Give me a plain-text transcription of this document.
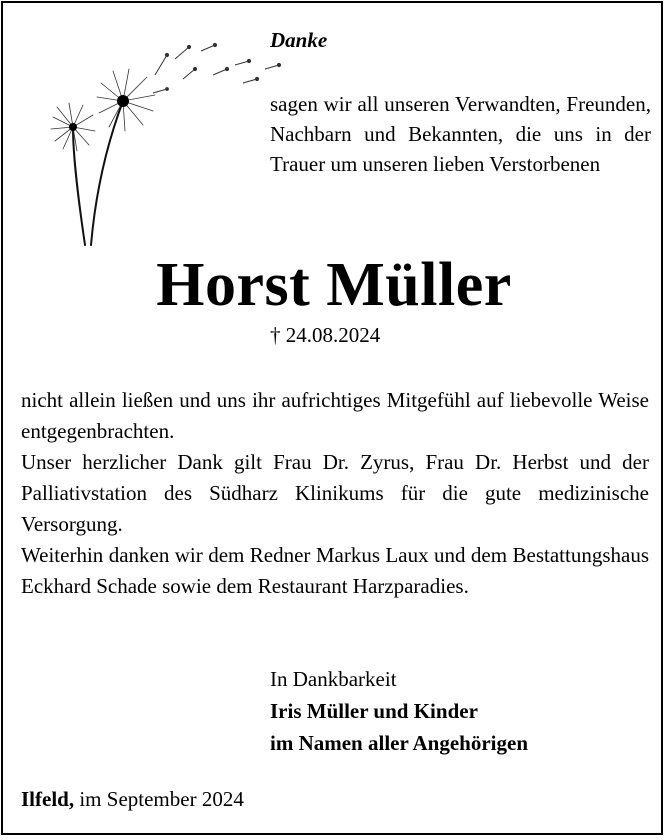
Danke
sagen wir all unseren Verwandten, Freunden, Nachbarn und Bekannten, die uns in der Trauer um unseren lieben Verstorbenen
Horst Müller
† 24.08.2024

nicht allein ließen und uns ihr aufrichtiges Mitgefühl auf liebevolle Weise entgegenbrachten.

Unser herzlicher Dank gilt Frau Dr. Zyrus, Frau Dr. Herbst und der Palliativstation des Südharz Klinikums für die gute medizinische Versorgung.

Weiterhin danken wir dem Redner Markus Laux und dem Bestattungshaus Eckhard Schade sowie dem Restaurant Harzparadies.

In Dankbarkeit
Iris Müller und Kinder
im Namen aller Angehörigen
Ilfeld, im September 2024
